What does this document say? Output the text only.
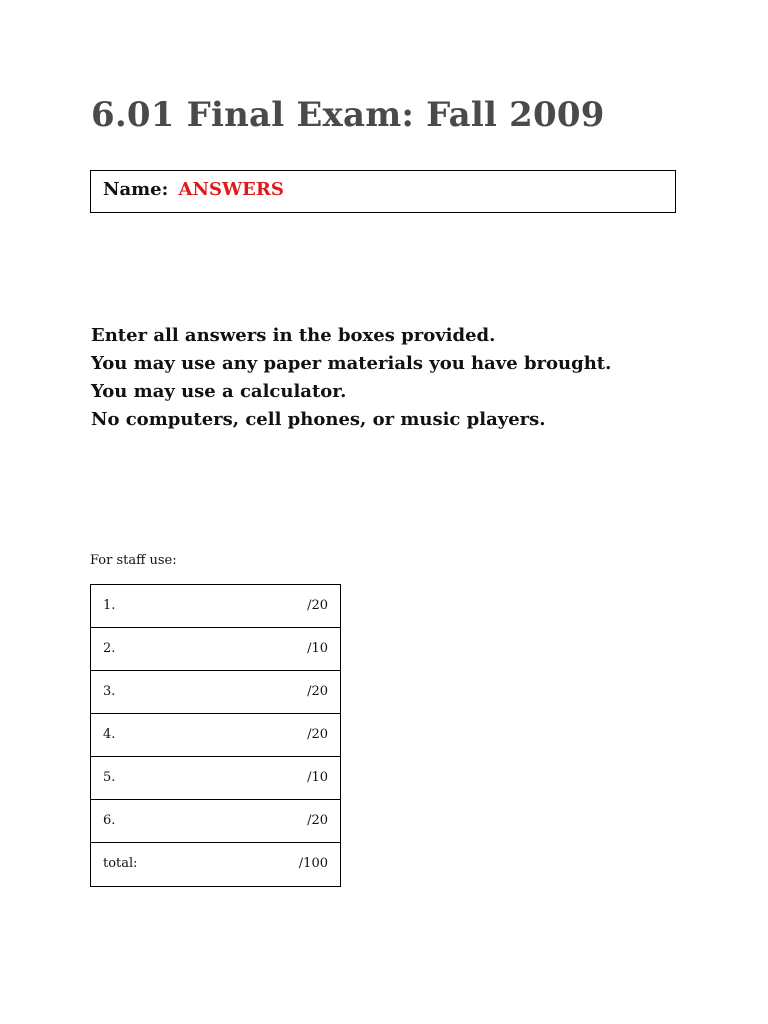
6.01 Final Exam: Fall 2009
Name: ANSWERS
Enter all answers in the boxes provided.
You may use any paper materials you have brought.
You may use a calculator.
No computers, cell phones, or music players.
For staff use:
1.	/20
2.	/10
3.	/20
4.	/20
5.	/10
6.	/20
total:	/100
